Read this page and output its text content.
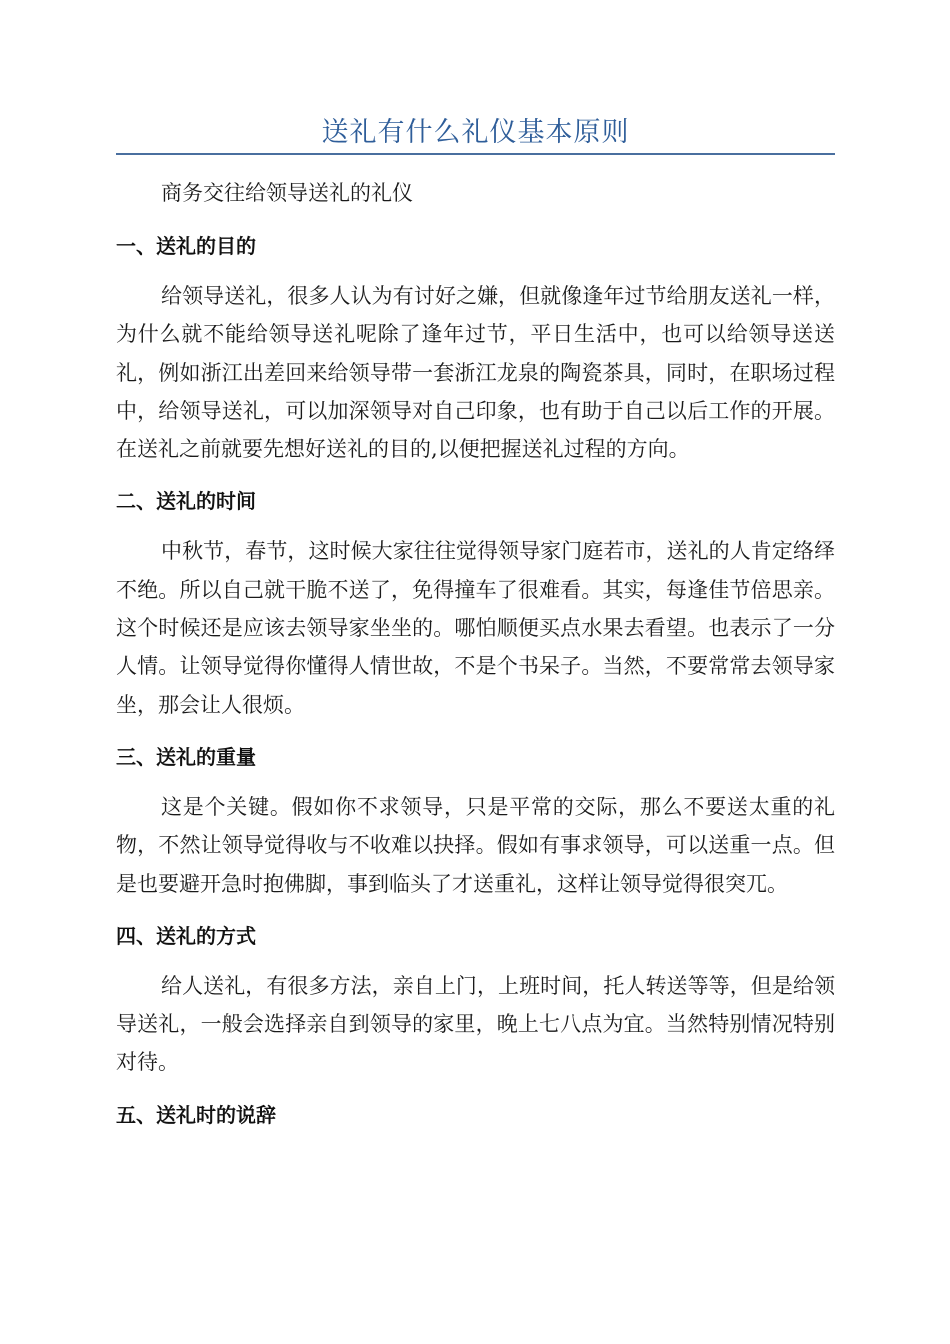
送礼有什么礼仪基本原则

商务交往给领导送礼的礼仪

一、送礼的目的

给领导送礼，很多人认为有讨好之嫌，但就像逢年过节给朋友送礼一样，为什么就不能给领导送礼呢除了逢年过节，平日生活中，也可以给领导送送礼，例如浙江出差回来给领导带一套浙江龙泉的陶瓷茶具，同时，在职场过程中，给领导送礼，可以加深领导对自己印象，也有助于自己以后工作的开展。在送礼之前就要先想好送礼的目的,以便把握送礼过程的方向。

二、送礼的时间

中秋节，春节，这时候大家往往觉得领导家门庭若市，送礼的人肯定络绎不绝。所以自己就干脆不送了，免得撞车了很难看。其实，每逢佳节倍思亲。这个时候还是应该去领导家坐坐的。哪怕顺便买点水果去看望。也表示了一分人情。让领导觉得你懂得人情世故，不是个书呆子。当然，不要常常去领导家坐，那会让人很烦。

三、送礼的重量

这是个关键。假如你不求领导，只是平常的交际，那么不要送太重的礼物，不然让领导觉得收与不收难以抉择。假如有事求领导，可以送重一点。但是也要避开急时抱佛脚，事到临头了才送重礼，这样让领导觉得很突兀。

四、送礼的方式

给人送礼，有很多方法，亲自上门，上班时间，托人转送等等，但是给领导送礼，一般会选择亲自到领导的家里，晚上七八点为宜。当然特别情况特别对待。

五、送礼时的说辞
